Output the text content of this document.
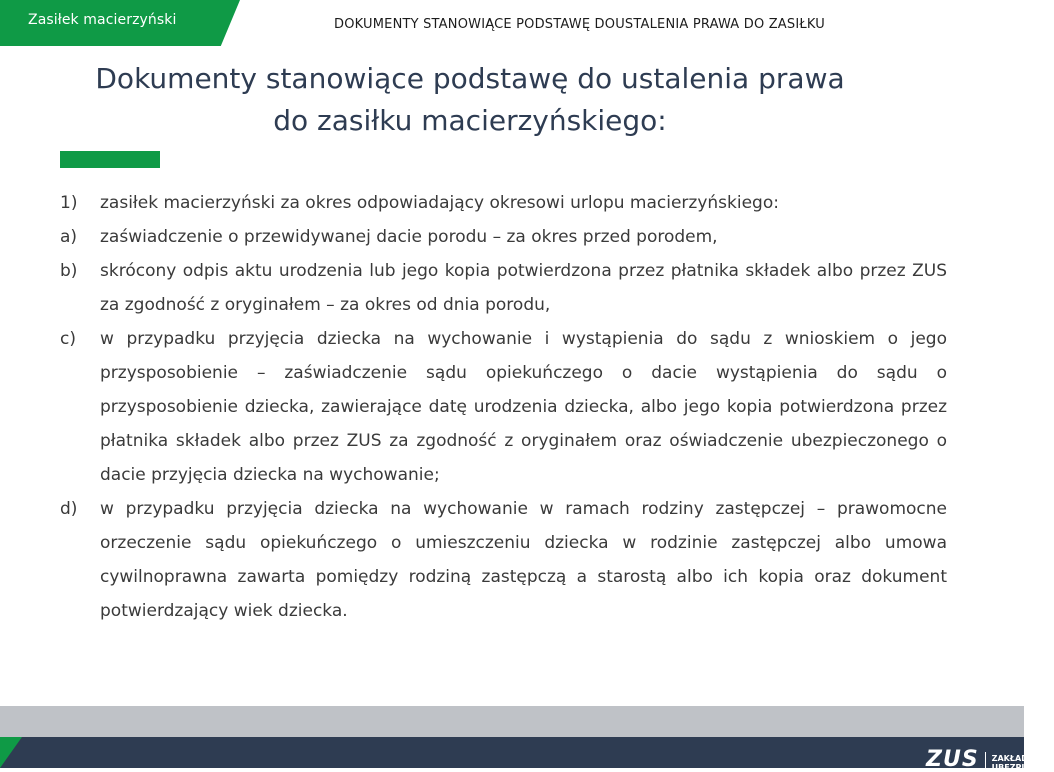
Zasiłek macierzyński	DOKUMENTY STANOWIĄCE PODSTAWĘ DOUSTALENIA PRAWA DO ZASIŁKU
Dokumenty stanowiące podstawę do ustalenia prawa
do zasiłku macierzyńskiego:
1)	zasiłek macierzyński za okres odpowiadający okresowi urlopu macierzyńskiego:
a)	zaświadczenie o przewidywanej dacie porodu – za okres przed porodem,
b)	skrócony odpis aktu urodzenia lub jego kopia potwierdzona przez płatnika składek albo przez ZUS za zgodność z oryginałem – za okres od dnia porodu,
c)	w przypadku przyjęcia dziecka na wychowanie i wystąpienia do sądu z wnioskiem o jego przysposobienie – zaświadczenie sądu opiekuńczego o dacie wystąpienia do sądu o przysposobienie dziecka, zawierające datę urodzenia dziecka, albo jego kopia potwierdzona przez płatnika składek albo przez ZUS za zgodność z oryginałem oraz oświadczenie ubezpieczonego o dacie przyjęcia dziecka na wychowanie;
d)	w przypadku przyjęcia dziecka na wychowanie w ramach rodziny zastępczej – prawomocne orzeczenie sądu opiekuńczego o umieszczeniu dziecka w rodzinie zastępczej albo umowa cywilnoprawna zawarta pomiędzy rodziną zastępczą a starostą albo ich kopia oraz dokument potwierdzający wiek dziecka.
ZUS ZAKŁAD
UBEZPIECZEŃ
